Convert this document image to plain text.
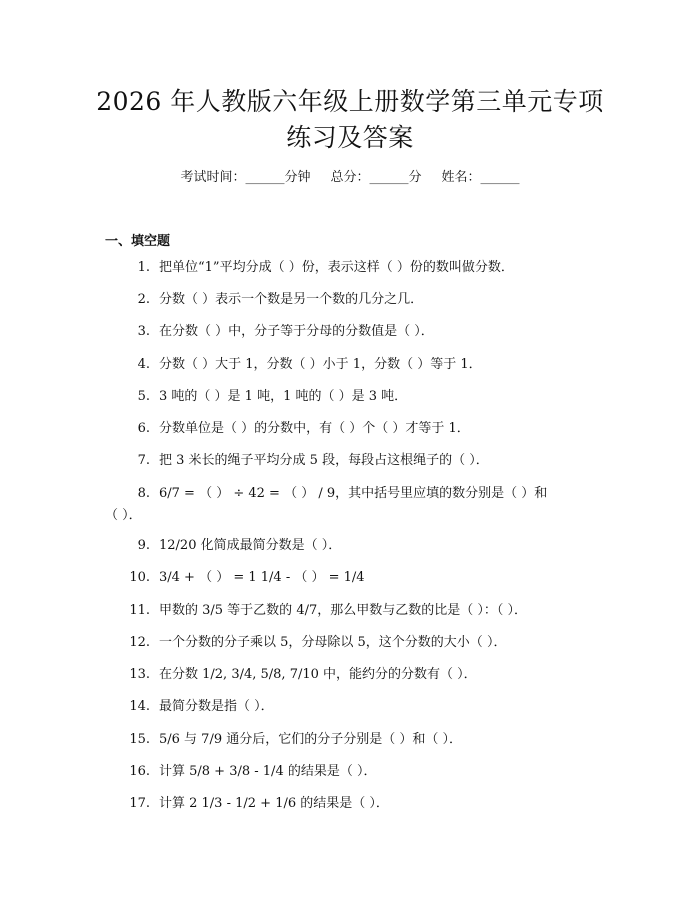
2026 年人教版六年级上册数学第三单元专项
练习及答案
考试时间：______分钟 总分：______分 姓名：______
一、填空题
1. 把单位“1”平均分成（ ）份，表示这样（ ）份的数叫做分数．
2. 分数（ ）表示一个数是另一个数的几分之几．
3. 在分数（ ）中，分子等于分母的分数值是（ ）．
4. 分数（ ）大于 1，分数（ ）小于 1，分数（ ）等于 1．
5. 3 吨的（ ）是 1 吨，1 吨的（ ）是 3 吨．
6. 分数单位是（ ）的分数中，有（ ）个（ ）才等于 1．
7. 把 3 米长的绳子平均分成 5 段，每段占这根绳子的（ ）．
8. 6/7 = （ ） ÷ 42 = （ ） / 9，其中括号里应填的数分别是（ ）和
（ ）．
9. 12/20 化简成最简分数是（ ）．
10. 3/4 + （ ） = 1 1/4 - （ ） = 1/4
11. 甲数的 3/5 等于乙数的 4/7，那么甲数与乙数的比是（ ）：（ ）．
12. 一个分数的分子乘以 5，分母除以 5，这个分数的大小（ ）．
13. 在分数 1/2, 3/4, 5/8, 7/10 中，能约分的分数有（ ）．
14. 最简分数是指（ ）．
15. 5/6 与 7/9 通分后，它们的分子分别是（ ）和（ ）．
16. 计算 5/8 + 3/8 - 1/4 的结果是（ ）．
17. 计算 2 1/3 - 1/2 + 1/6 的结果是（ ）．
